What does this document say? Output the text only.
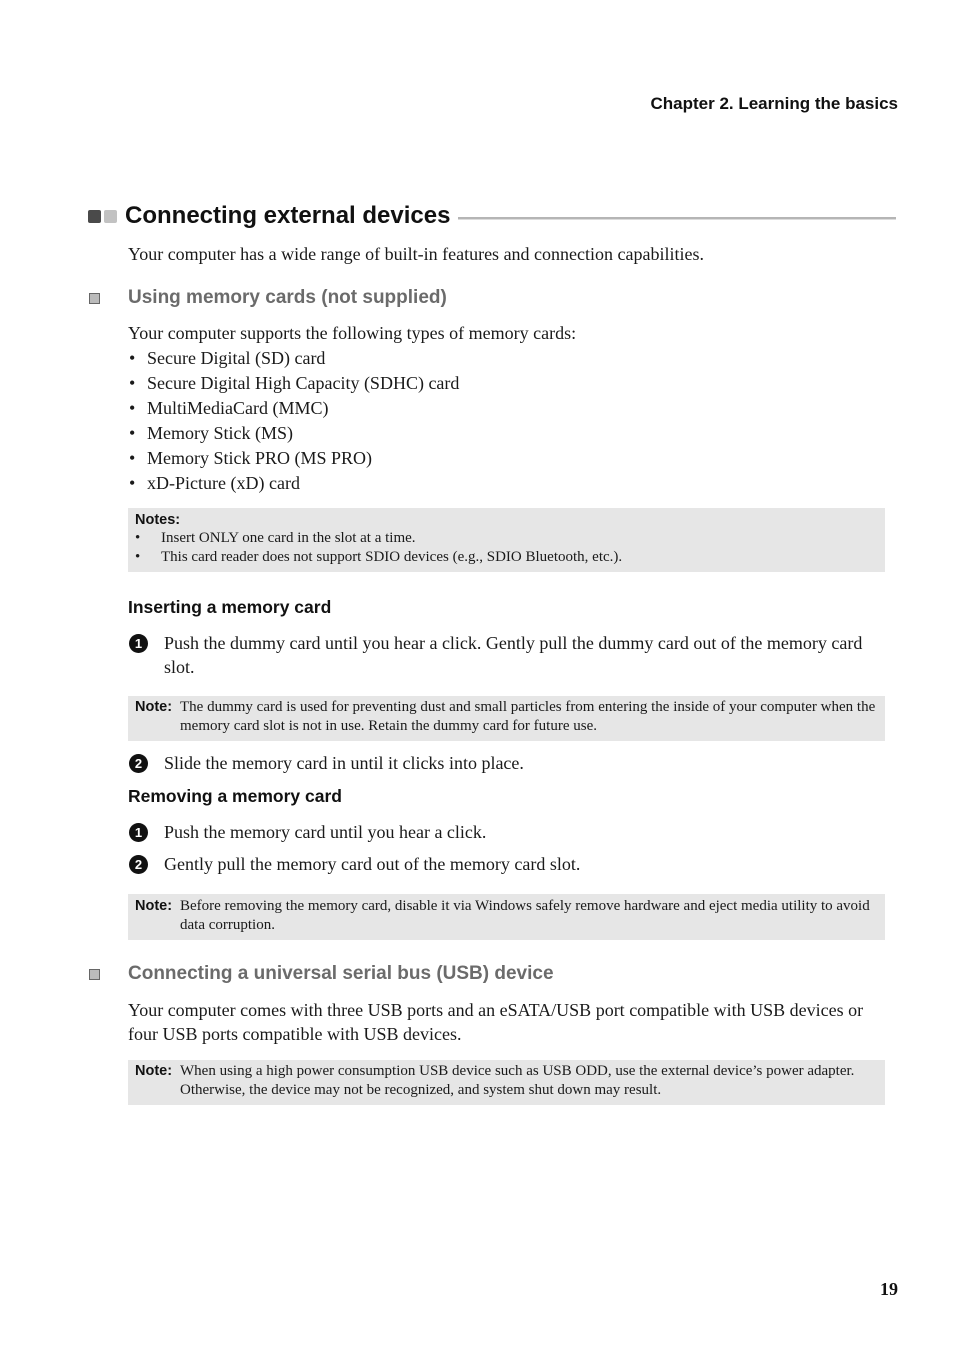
Chapter 2. Learning the basics
Connecting external devices
Your computer has a wide range of built-in features and connection capabilities.
Using memory cards (not supplied)
Your computer supports the following types of memory cards:
• Secure Digital (SD) card
• Secure Digital High Capacity (SDHC) card
• MultiMediaCard (MMC)
• Memory Stick (MS)
• Memory Stick PRO (MS PRO)
• xD-Picture (xD) card
Notes:
• Insert ONLY one card in the slot at a time.
• This card reader does not support SDIO devices (e.g., SDIO Bluetooth, etc.).
Inserting a memory card
1	Push the dummy card until you hear a click. Gently pull the dummy card out of the memory card slot.
Note: The dummy card is used for preventing dust and small particles from entering the inside of your computer when the memory card slot is not in use. Retain the dummy card for future use.
2	Slide the memory card in until it clicks into place.
Removing a memory card
1	Push the memory card until you hear a click.
2	Gently pull the memory card out of the memory card slot.
Note: Before removing the memory card, disable it via Windows safely remove hardware and eject media utility to avoid data corruption.
Connecting a universal serial bus (USB) device
Your computer comes with three USB ports and an eSATA/USB port compatible with USB devices or four USB ports compatible with USB devices.
Note: When using a high power consumption USB device such as USB ODD, use the external device’s power adapter. Otherwise, the device may not be recognized, and system shut down may result.
19
